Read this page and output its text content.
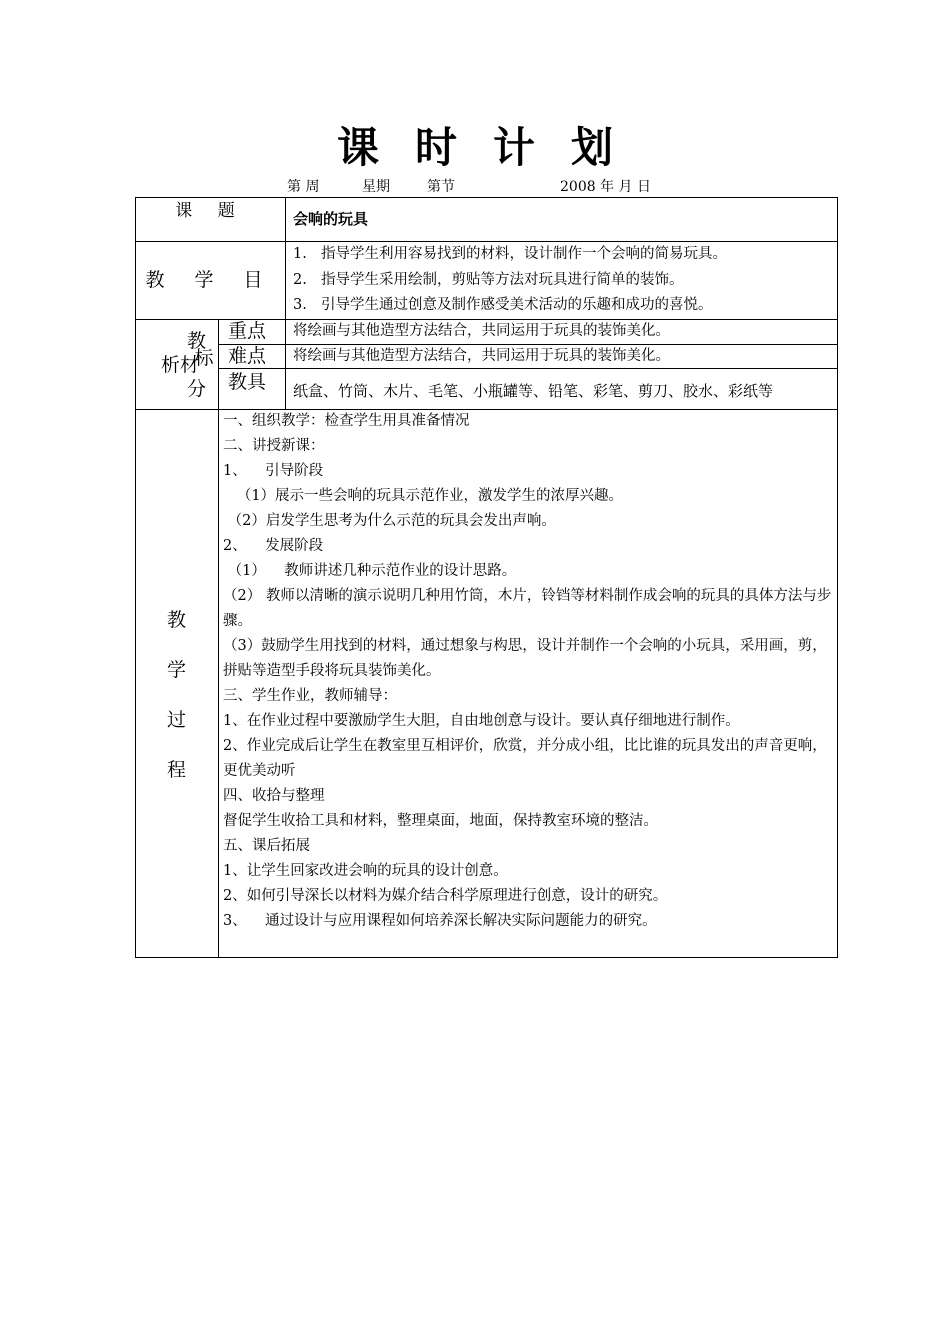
课 时 计 划
第 周	星期	第节	2008 年 月 日
课 题	会响的玩具
教 学 目 标
1. 指导学生利用容易找到的材料，设计制作一个会响的简易玩具。
2. 指导学生采用绘制，剪贴等方法对玩具进行简单的装饰。
3. 引导学生通过创意及制作感受美术活动的乐趣和成功的喜悦。
教
析材
分
重点	将绘画与其他造型方法结合，共同运用于玩具的装饰美化。
难点	将绘画与其他造型方法结合，共同运用于玩具的装饰美化。
教具	纸盒、竹筒、木片、毛笔、小瓶罐等、铅笔、彩笔、剪刀、胶水、彩纸等
教
学
过
程
一、组织教学：检查学生用具准备情况
二、讲授新课：
1、    引导阶段
（1）展示一些会响的玩具示范作业，激发学生的浓厚兴趣。
（2）启发学生思考为什么示范的玩具会发出声响。
2、    发展阶段
（1）    教师讲述几种示范作业的设计思路。
（2） 教师以清晰的演示说明几种用竹筒，木片，铃铛等材料制作成会响的玩具的具体方法与步骤。
（3）鼓励学生用找到的材料，通过想象与构思，设计并制作一个会响的小玩具，采用画，剪，拼贴等造型手段将玩具装饰美化。
三、学生作业，教师辅导：
1、在作业过程中要激励学生大胆，自由地创意与设计。要认真仔细地进行制作。
2、作业完成后让学生在教室里互相评价，欣赏，并分成小组，比比谁的玩具发出的声音更响，更优美动听
四、收拾与整理
督促学生收拾工具和材料，整理桌面，地面，保持教室环境的整洁。
五、课后拓展
1、让学生回家改进会响的玩具的设计创意。
2、如何引导深长以材料为媒介结合科学原理进行创意，设计的研究。
3、    通过设计与应用课程如何培养深长解决实际问题能力的研究。
